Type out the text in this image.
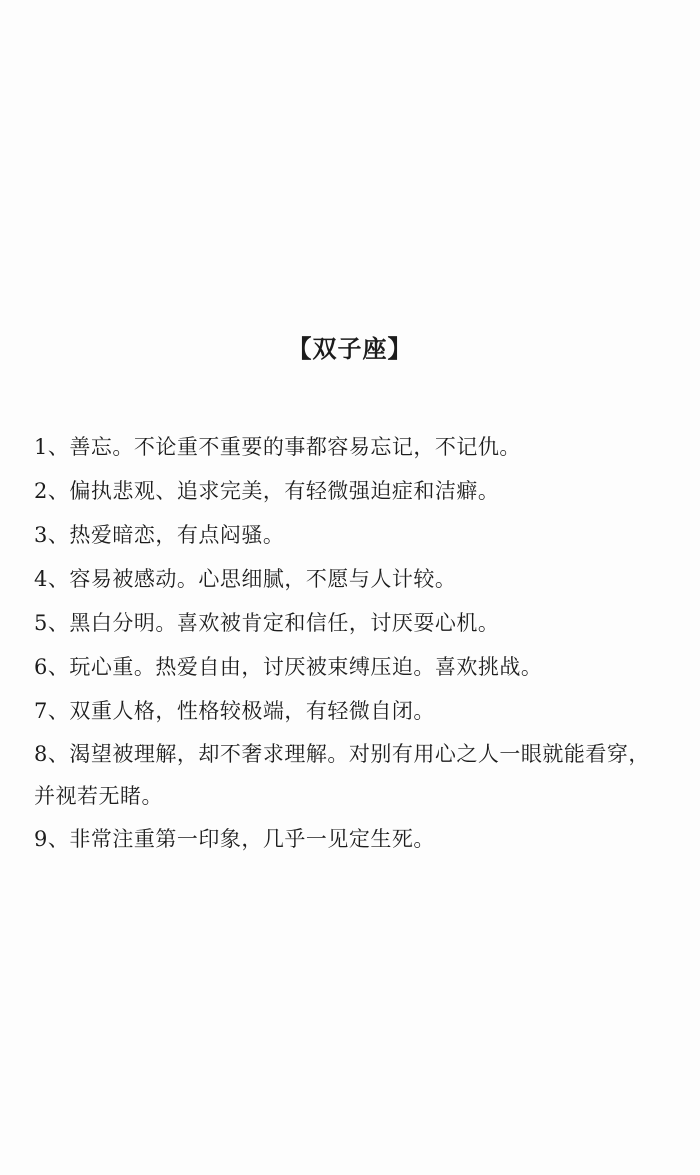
【双子座】
1、善忘。不论重不重要的事都容易忘记，不记仇。
2、偏执悲观、追求完美，有轻微强迫症和洁癖。
3、热爱暗恋，有点闷骚。
4、容易被感动。心思细腻，不愿与人计较。
5、黑白分明。喜欢被肯定和信任，讨厌耍心机。
6、玩心重。热爱自由，讨厌被束缚压迫。喜欢挑战。
7、双重人格，性格较极端，有轻微自闭。
8、渴望被理解，却不奢求理解。对别有用心之人一眼就能看穿，并视若无睹。
9、非常注重第一印象，几乎一见定生死。
